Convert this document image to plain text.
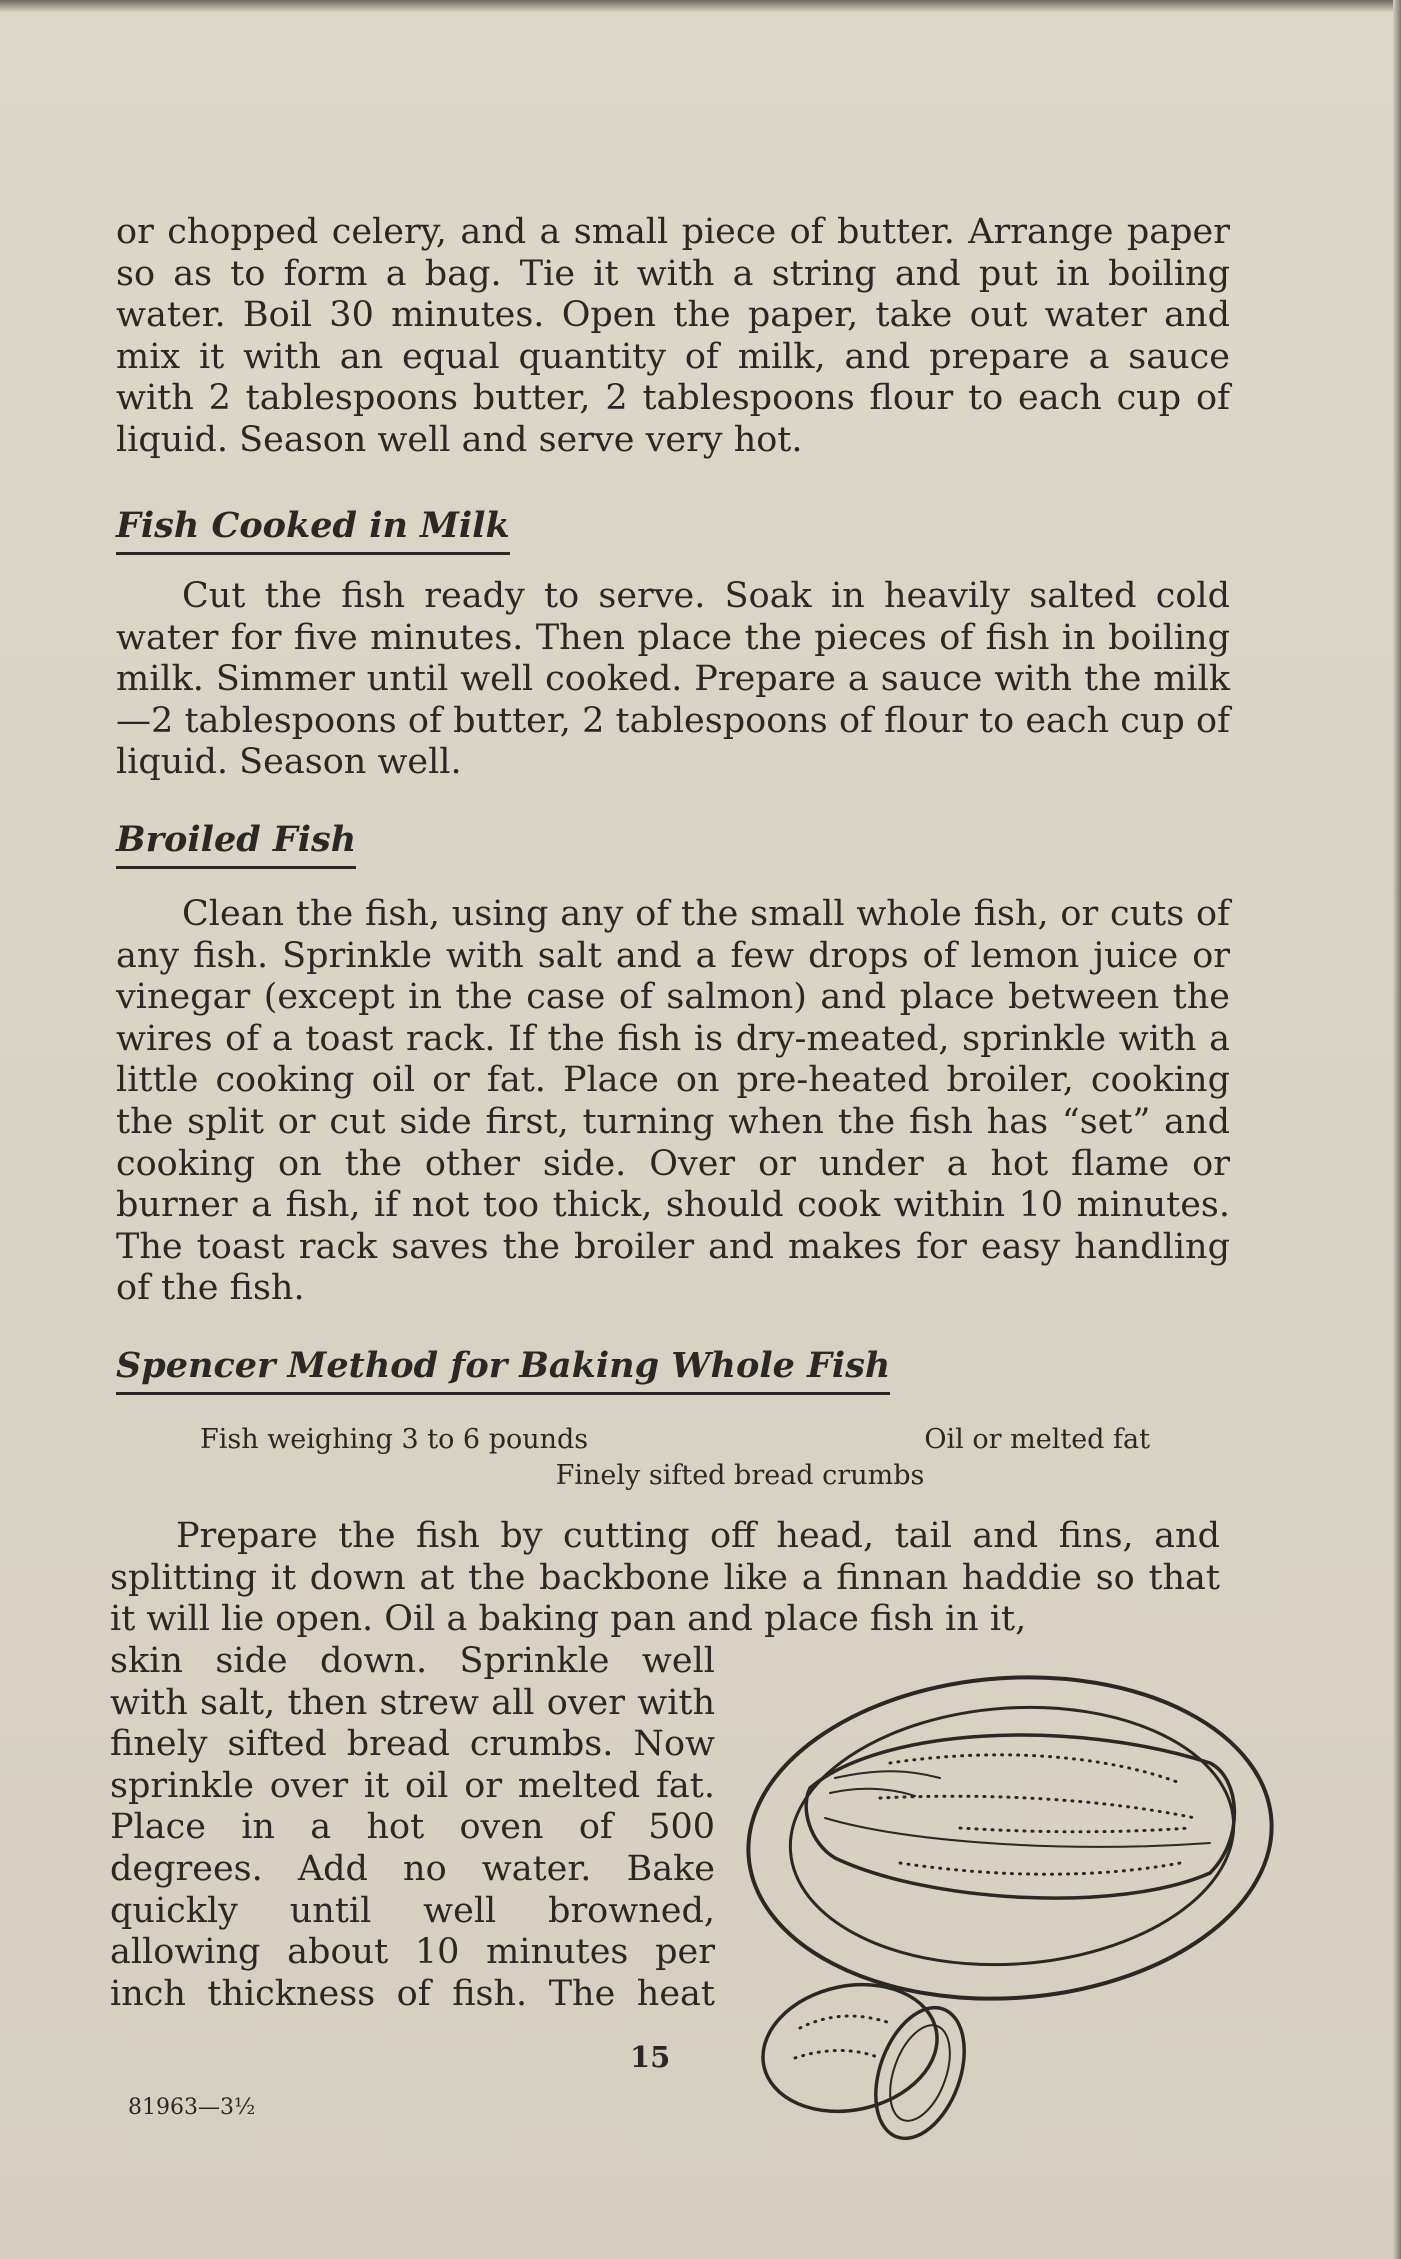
or chopped celery, and a small piece of butter. Arrange paper so as to form a bag. Tie it with a string and put in boiling water. Boil 30 minutes. Open the paper, take out water and mix it with an equal quantity of milk, and prepare a sauce with 2 tablespoons butter, 2 tablespoons flour to each cup of liquid. Season well and serve very hot.

Fish Cooked in Milk

Cut the fish ready to serve. Soak in heavily salted cold water for five minutes. Then place the pieces of fish in boiling milk. Simmer until well cooked. Prepare a sauce with the milk—2 tablespoons of butter, 2 tablespoons of flour to each cup of liquid. Season well.

Broiled Fish

Clean the fish, using any of the small whole fish, or cuts of any fish. Sprinkle with salt and a few drops of lemon juice or vinegar (except in the case of salmon) and place between the wires of a toast rack. If the fish is dry-meated, sprinkle with a little cooking oil or fat. Place on pre-heated broiler, cooking the split or cut side first, turning when the fish has “set” and cooking on the other side. Over or under a hot flame or burner a fish, if not too thick, should cook within 10 minutes. The toast rack saves the broiler and makes for easy handling of the fish.

Spencer Method for Baking Whole Fish
Fish weighing 3 to 6 pounds	Oil or melted fat
Finely sifted bread crumbs

Prepare the fish by cutting off head, tail and fins, and splitting it down at the backbone like a finnan haddie so that it will lie open. Oil a baking pan and place fish in it,

skin side down. Sprinkle well with salt, then strew all over with finely sifted bread crumbs. Now sprinkle over it oil or melted fat. Place in a hot oven of 500 degrees. Add no water. Bake quickly until well browned, allowing about 10 minutes per inch thickness of fish. The heat

15
81963—3½
